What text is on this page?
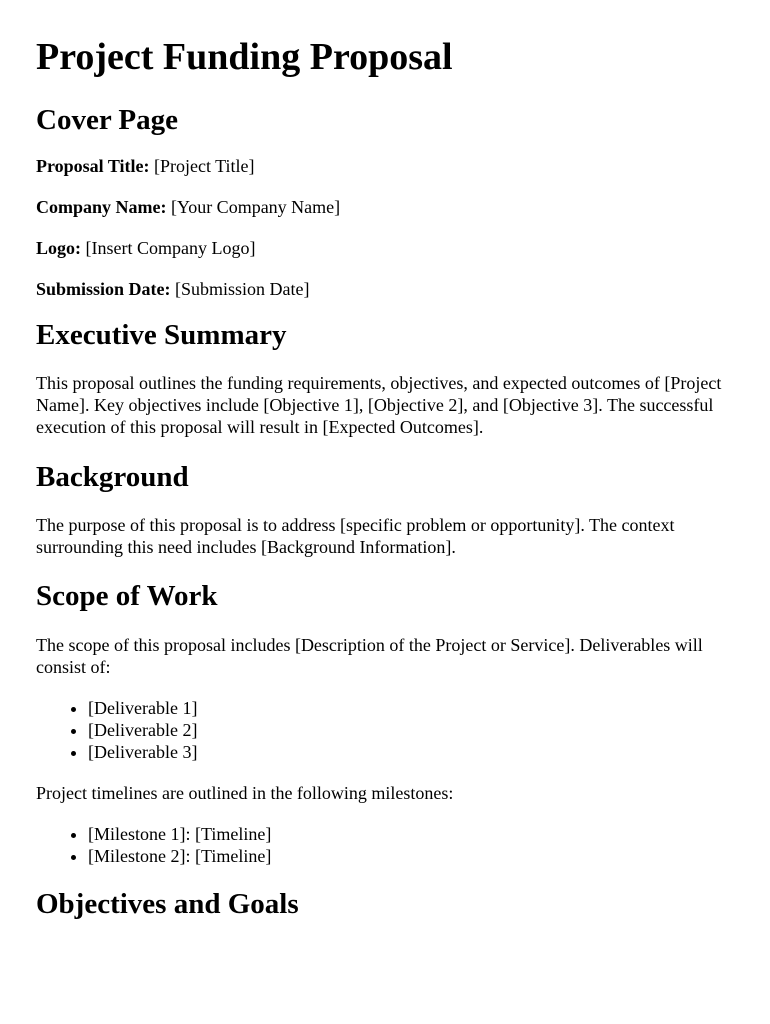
Project Funding Proposal
Cover Page

Proposal Title: [Project Title]

Company Name: [Your Company Name]

Logo: [Insert Company Logo]

Submission Date: [Submission Date]

Executive Summary

This proposal outlines the funding requirements, objectives, and expected outcomes of [Project Name]. Key objectives include [Objective 1], [Objective 2], and [Objective 3]. The successful execution of this proposal will result in [Expected Outcomes].

Background

The purpose of this proposal is to address [specific problem or opportunity]. The context surrounding this need includes [Background Information].

Scope of Work

The scope of this proposal includes [Description of the Project or Service]. Deliverables will consist of:

• [Deliverable 1]
• [Deliverable 2]
• [Deliverable 3]

Project timelines are outlined in the following milestones:

• [Milestone 1]: [Timeline]
• [Milestone 2]: [Timeline]
Objectives and Goals
